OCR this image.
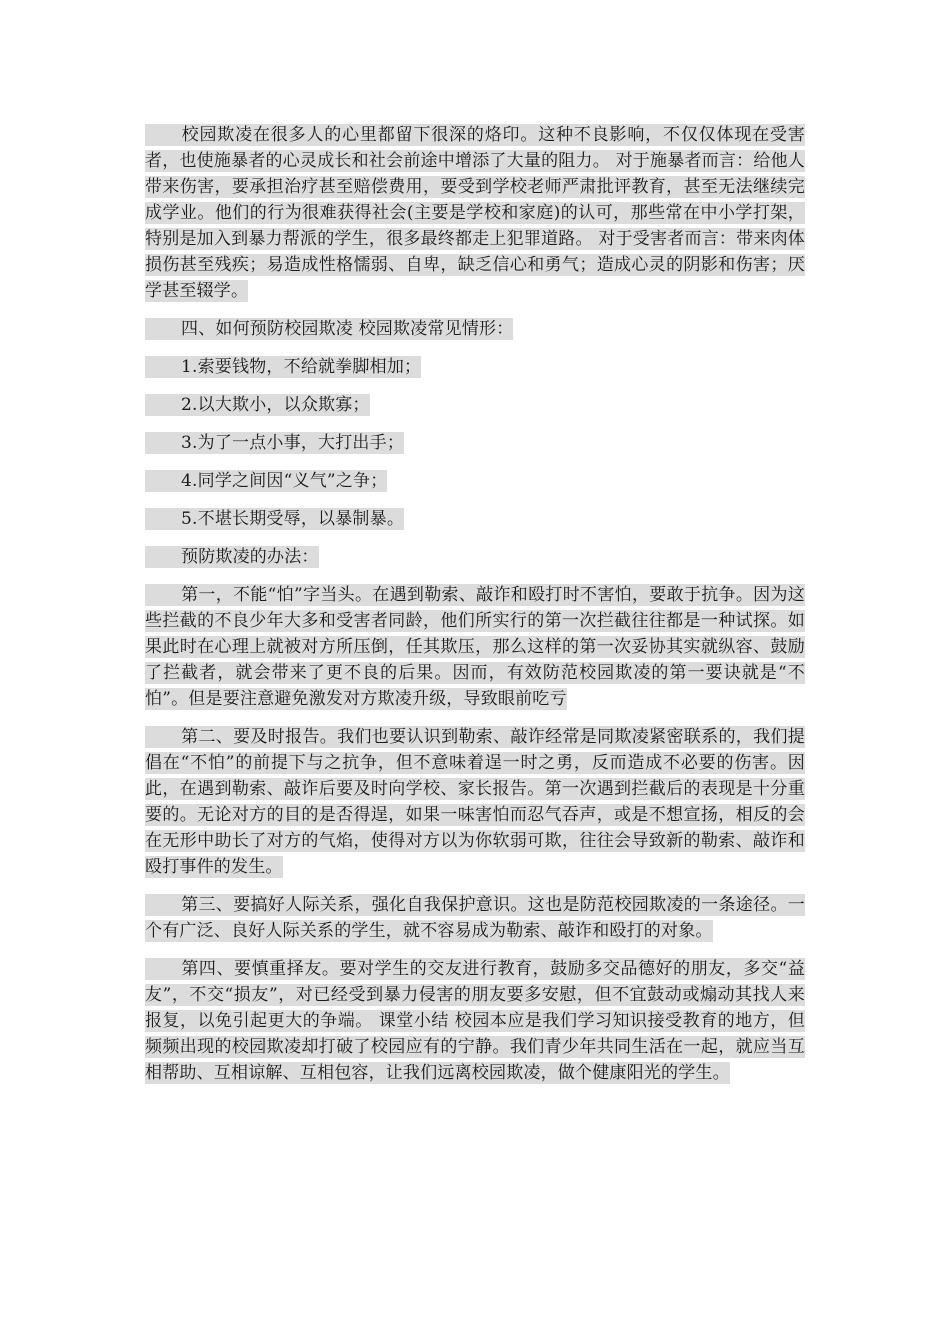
校园欺凌在很多人的心里都留下很深的烙印。这种不良影响，不仅仅体现在受害者，也使施暴者的心灵成长和社会前途中增添了大量的阻力。 对于施暴者而言：给他人带来伤害，要承担治疗甚至赔偿费用，要受到学校老师严肃批评教育，甚至无法继续完成学业。他们的行为很难获得社会(主要是学校和家庭)的认可，那些常在中小学打架，特别是加入到暴力帮派的学生，很多最终都走上犯罪道路。 对于受害者而言：带来肉体损伤甚至残疾；易造成性格懦弱、自卑，缺乏信心和勇气；造成心灵的阴影和伤害；厌学甚至辍学。

四、如何预防校园欺凌 校园欺凌常见情形：

1.索要钱物，不给就拳脚相加；

2.以大欺小，以众欺寡；

3.为了一点小事，大打出手；

4.同学之间因“义气”之争；

5.不堪长期受辱，以暴制暴。

预防欺凌的办法：

第一，不能“怕”字当头。在遇到勒索、敲诈和殴打时不害怕，要敢于抗争。因为这些拦截的不良少年大多和受害者同龄，他们所实行的第一次拦截往往都是一种试探。如果此时在心理上就被对方所压倒，任其欺压，那么这样的第一次妥协其实就纵容、鼓励了拦截者，就会带来了更不良的后果。因而，有效防范校园欺凌的第一要诀就是“不怕”。但是要注意避免激发对方欺凌升级，导致眼前吃亏

第二、要及时报告。我们也要认识到勒索、敲诈经常是同欺凌紧密联系的，我们提倡在“不怕”的前提下与之抗争，但不意味着逞一时之勇，反而造成不必要的伤害。因此，在遇到勒索、敲诈后要及时向学校、家长报告。第一次遇到拦截后的表现是十分重要的。无论对方的目的是否得逞，如果一味害怕而忍气吞声，或是不想宣扬，相反的会在无形中助长了对方的气焰，使得对方以为你软弱可欺，往往会导致新的勒索、敲诈和殴打事件的发生。

第三、要搞好人际关系，强化自我保护意识。这也是防范校园欺凌的一条途径。一个有广泛、良好人际关系的学生，就不容易成为勒索、敲诈和殴打的对象。

第四、要慎重择友。要对学生的交友进行教育，鼓励多交品德好的朋友，多交“益友”，不交“损友”，对已经受到暴力侵害的朋友要多安慰，但不宜鼓动或煽动其找人来报复，以免引起更大的争端。 课堂小结 校园本应是我们学习知识接受教育的地方，但频频出现的校园欺凌却打破了校园应有的宁静。我们青少年共同生活在一起，就应当互相帮助、互相谅解、互相包容，让我们远离校园欺凌，做个健康阳光的学生。
